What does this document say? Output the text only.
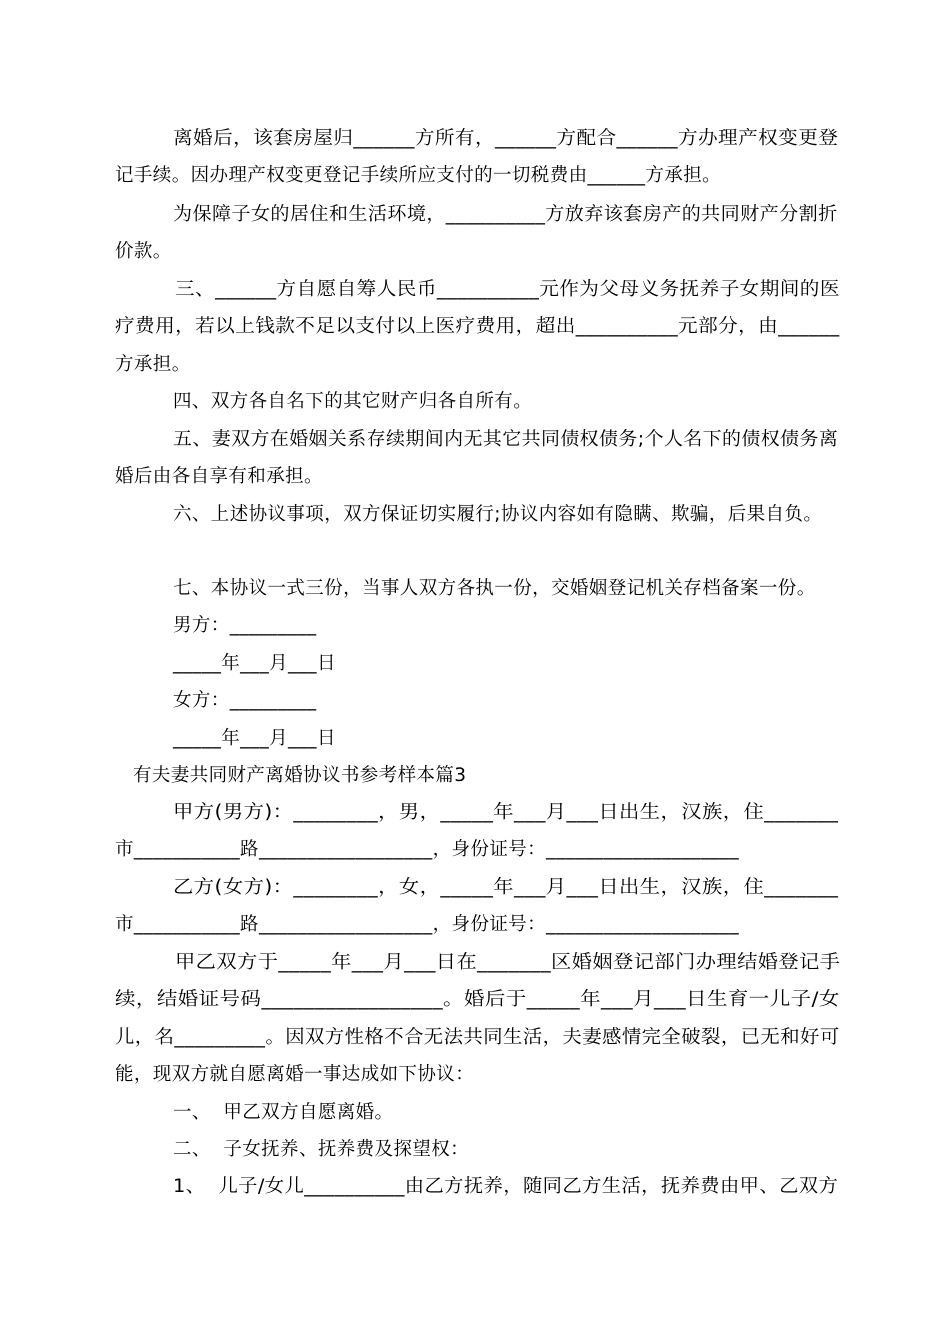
离婚后，该套房屋归______方所有，______方配合______方办理产权变更登
记手续。因办理产权变更登记手续所应支付的一切税费由______方承担。
为保障子女的居住和生活环境，__________方放弃该套房产的共同财产分割折
价款。
三、______方自愿自筹人民币__________元作为父母义务抚养子女期间的医
疗费用，若以上钱款不足以支付以上医疗费用，超出__________元部分，由______
方承担。
四、双方各自名下的其它财产归各自所有。
五、妻双方在婚姻关系存续期间内无其它共同债权债务;个人名下的债权债务离
婚后由各自享有和承担。
六、上述协议事项，双方保证切实履行;协议内容如有隐瞒、欺骗，后果自负。
七、本协议一式三份，当事人双方各执一份，交婚姻登记机关存档备案一份。
男方：_________
_____年___月___日
女方：_________
_____年___月___日
有夫妻共同财产离婚协议书参考样本篇3
甲方(男方)：________，男，_____年___月___日出生，汉族，住_______
市___________路__________________，身份证号：____________________
乙方(女方)：________，女，_____年___月___日出生，汉族，住_______
市___________路__________________，身份证号：____________________
甲乙双方于_____年___月___日在_______区婚姻登记部门办理结婚登记手
续，结婚证号码_________________。婚后于_____年___月___日生育一儿子/女
儿，名_________。因双方性格不合无法共同生活，夫妻感情完全破裂，已无和好可
能，现双方就自愿离婚一事达成如下协议：
一、  甲乙双方自愿离婚。
二、  子女抚养、抚养费及探望权：
1、  儿子/女儿__________由乙方抚养，随同乙方生活，抚养费由甲、乙双方
